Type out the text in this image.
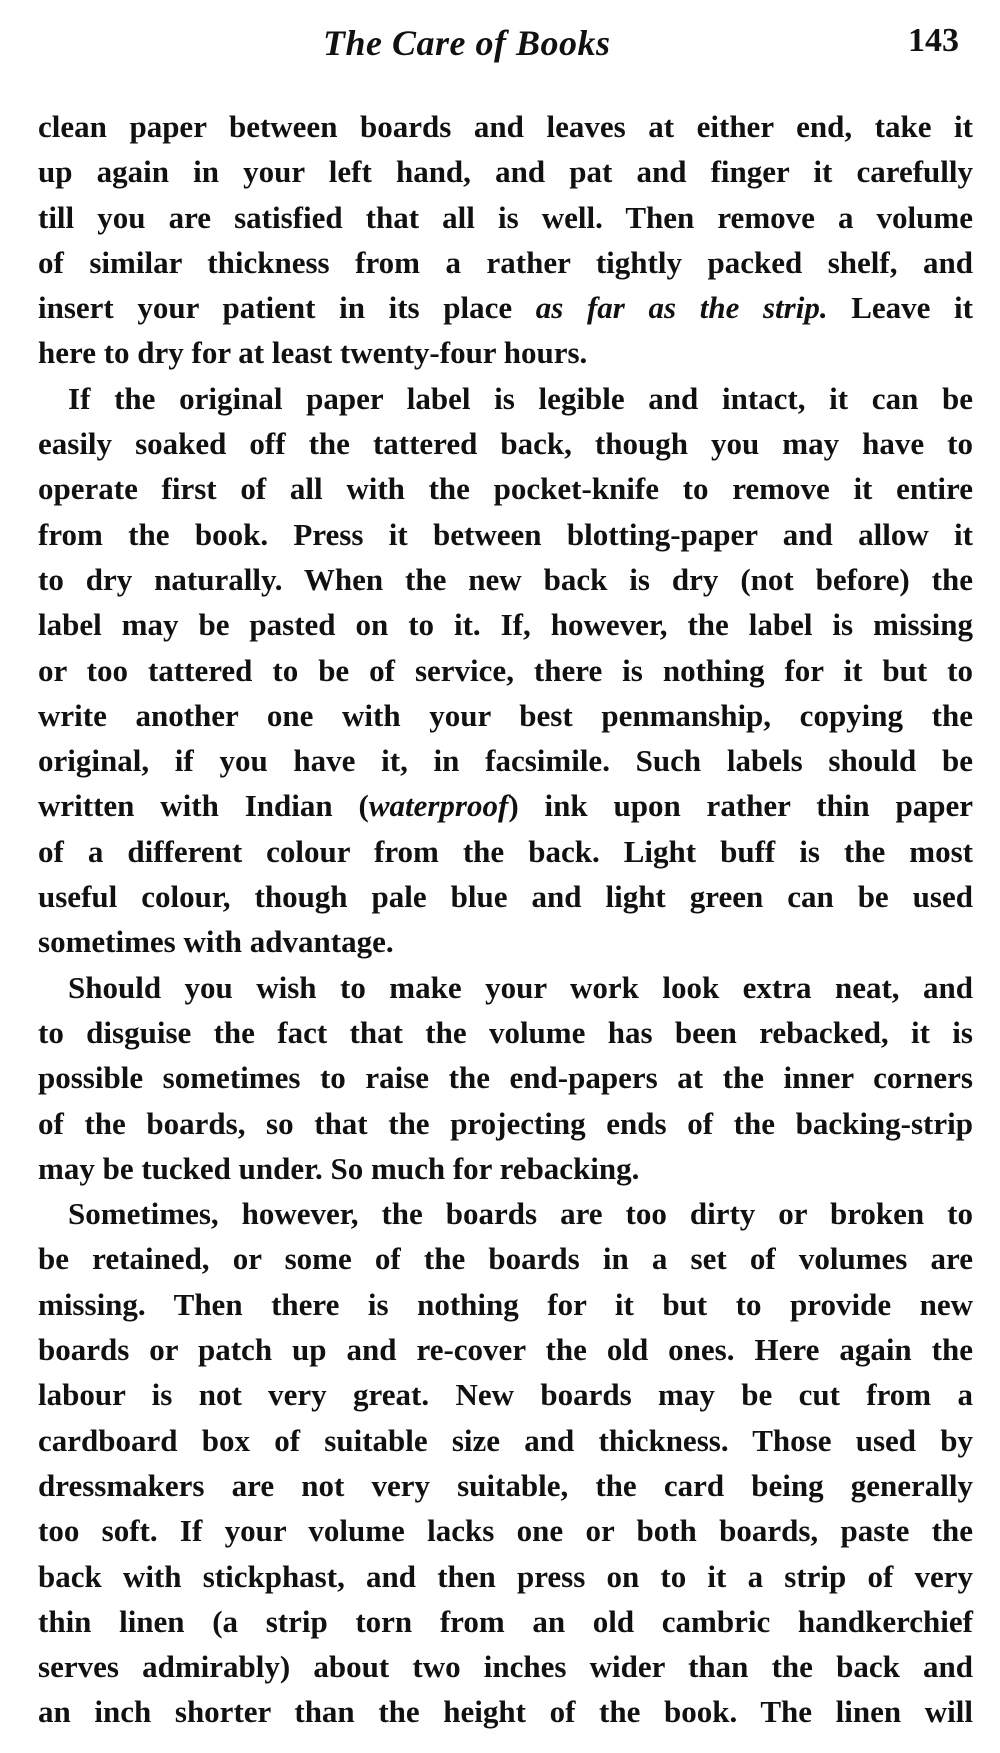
The Care of Books	143
clean paper between boards and leaves at either end, take it
up again in your left hand, and pat and finger it carefully
till you are satisfied that all is well. Then remove a volume
of similar thickness from a rather tightly packed shelf, and
insert your patient in its place as far as the strip. Leave it
here to dry for at least twenty-four hours.
If the original paper label is legible and intact, it can be
easily soaked off the tattered back, though you may have to
operate first of all with the pocket-knife to remove it entire
from the book. Press it between blotting-paper and allow it
to dry naturally. When the new back is dry (not before) the
label may be pasted on to it. If, however, the label is missing
or too tattered to be of service, there is nothing for it but to
write another one with your best penmanship, copying the
original, if you have it, in facsimile. Such labels should be
written with Indian (waterproof) ink upon rather thin paper
of a different colour from the back. Light buff is the most
useful colour, though pale blue and light green can be used
sometimes with advantage.
Should you wish to make your work look extra neat, and
to disguise the fact that the volume has been rebacked, it is
possible sometimes to raise the end-papers at the inner corners
of the boards, so that the projecting ends of the backing-strip
may be tucked under. So much for rebacking.
Sometimes, however, the boards are too dirty or broken to
be retained, or some of the boards in a set of volumes are
missing. Then there is nothing for it but to provide new
boards or patch up and re-cover the old ones. Here again the
labour is not very great. New boards may be cut from a
cardboard box of suitable size and thickness. Those used by
dressmakers are not very suitable, the card being generally
too soft. If your volume lacks one or both boards, paste the
back with stickphast, and then press on to it a strip of very
thin linen (a strip torn from an old cambric handkerchief
serves admirably) about two inches wider than the back and
an inch shorter than the height of the book. The linen will
